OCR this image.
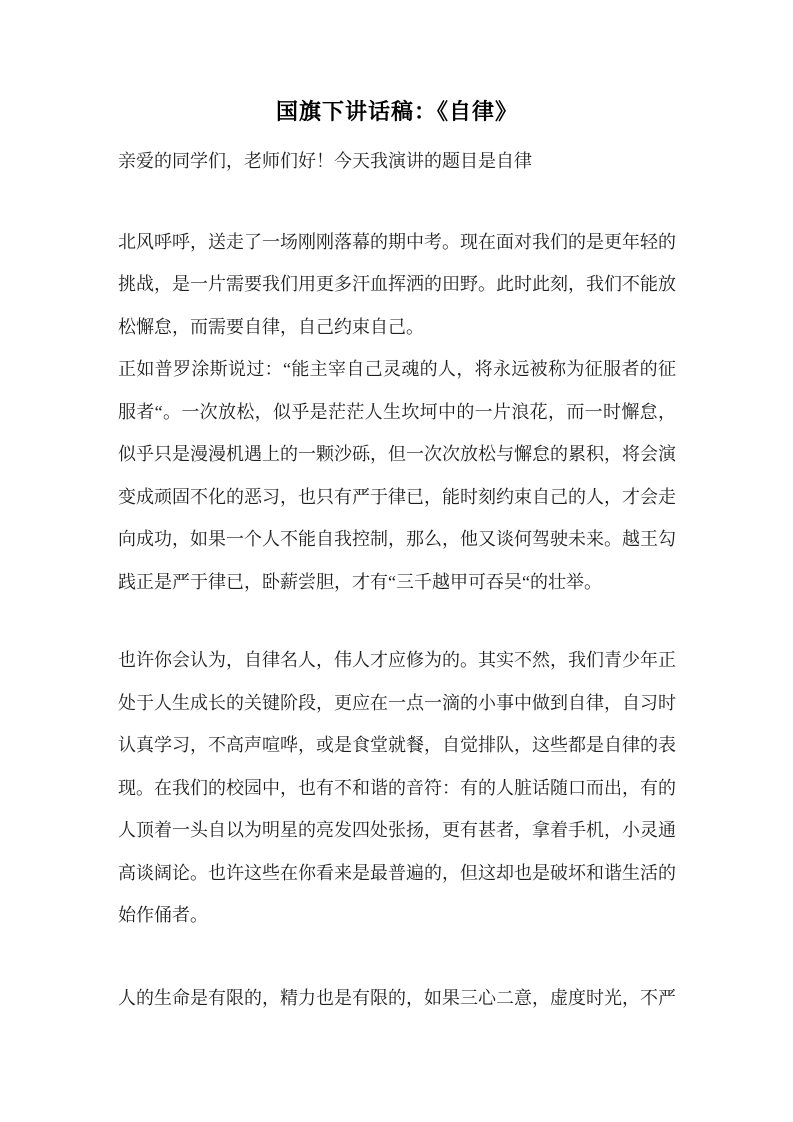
国旗下讲话稿：《自律》

亲爱的同学们，老师们好！今天我演讲的题目是自律

北风呼呼，送走了一场刚刚落幕的期中考。现在面对我们的是更年轻的挑战，是一片需要我们用更多汗血挥洒的田野。此时此刻，我们不能放松懈怠，而需要自律，自己约束自己。

正如普罗涂斯说过：“能主宰自己灵魂的人，将永远被称为征服者的征服者“。一次放松，似乎是茫茫人生坎坷中的一片浪花，而一时懈怠，似乎只是漫漫机遇上的一颗沙砾，但一次次放松与懈怠的累积，将会演变成顽固不化的恶习，也只有严于律已，能时刻约束自己的人，才会走向成功，如果一个人不能自我控制，那么，他又谈何驾驶未来。越王勾践正是严于律已，卧薪尝胆，才有“三千越甲可吞吴“的壮举。

也许你会认为，自律名人，伟人才应修为的。其实不然，我们青少年正处于人生成长的关键阶段，更应在一点一滴的小事中做到自律，自习时认真学习，不高声喧哗，或是食堂就餐，自觉排队，这些都是自律的表现。在我们的校园中，也有不和谐的音符：有的人脏话随口而出，有的人顶着一头自以为明星的亮发四处张扬，更有甚者，拿着手机，小灵通高谈阔论。也许这些在你看来是最普遍的，但这却也是破坏和谐生活的始作俑者。

人的生命是有限的，精力也是有限的，如果三心二意，虚度时光，不严
